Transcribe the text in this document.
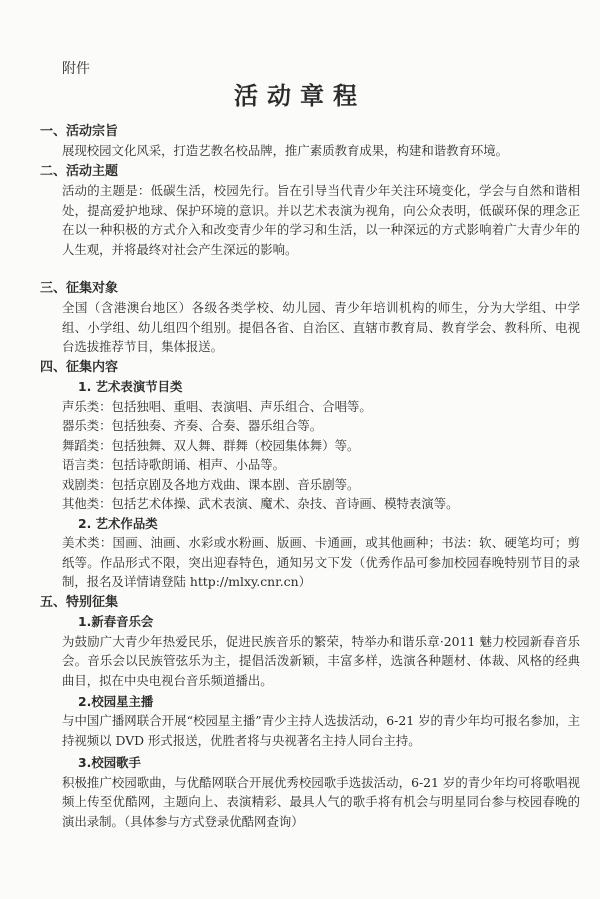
附件
活动章程
一、活动宗旨
展现校园文化风采，打造艺教名校品牌，推广素质教育成果，构建和谐教育环境。
二、活动主题
活动的主题是：低碳生活，校园先行。旨在引导当代青少年关注环境变化，学会与自然和谐相处，提高爱护地球、保护环境的意识。并以艺术表演为视角，向公众表明，低碳环保的理念正在以一种积极的方式介入和改变青少年的学习和生活，以一种深远的方式影响着广大青少年的人生观，并将最终对社会产生深远的影响。
三、征集对象
全国（含港澳台地区）各级各类学校、幼儿园、青少年培训机构的师生，分为大学组、中学组、小学组、幼儿组四个组别。提倡各省、自治区、直辖市教育局、教育学会、教科所、电视台选拔推荐节目，集体报送。
四、征集内容
1. 艺术表演节目类
声乐类：包括独唱、重唱、表演唱、声乐组合、合唱等。
器乐类：包括独奏、齐奏、合奏、器乐组合等。
舞蹈类：包括独舞、双人舞、群舞（校园集体舞）等。
语言类：包括诗歌朗诵、相声、小品等。
戏剧类：包括京剧及各地方戏曲、课本剧、音乐剧等。
其他类：包括艺术体操、武术表演、魔术、杂技、音诗画、模特表演等。
2. 艺术作品类
美术类：国画、油画、水彩或水粉画、版画、卡通画，或其他画种；书法：软、硬笔均可；剪纸等。作品形式不限，突出迎春特色，通知另文下发（优秀作品可参加校园春晚特别节目的录制，报名及详情请登陆 http://mlxy.cnr.cn）
五、特别征集
1.新春音乐会
为鼓励广大青少年热爱民乐，促进民族音乐的繁荣，特举办和谐乐章·2011 魅力校园新春音乐会。音乐会以民族管弦乐为主，提倡活泼新颖，丰富多样，选演各种题材、体裁、风格的经典曲目，拟在中央电视台音乐频道播出。
2.校园星主播
与中国广播网联合开展“校园星主播”青少主持人选拔活动，6-21 岁的青少年均可报名参加，主持视频以 DVD 形式报送，优胜者将与央视著名主持人同台主持。
3.校园歌手
积极推广校园歌曲，与优酷网联合开展优秀校园歌手选拔活动，6-21 岁的青少年均可将歌唱视频上传至优酷网，主题向上、表演精彩、最具人气的歌手将有机会与明星同台参与校园春晚的演出录制。（具体参与方式登录优酷网查询）
